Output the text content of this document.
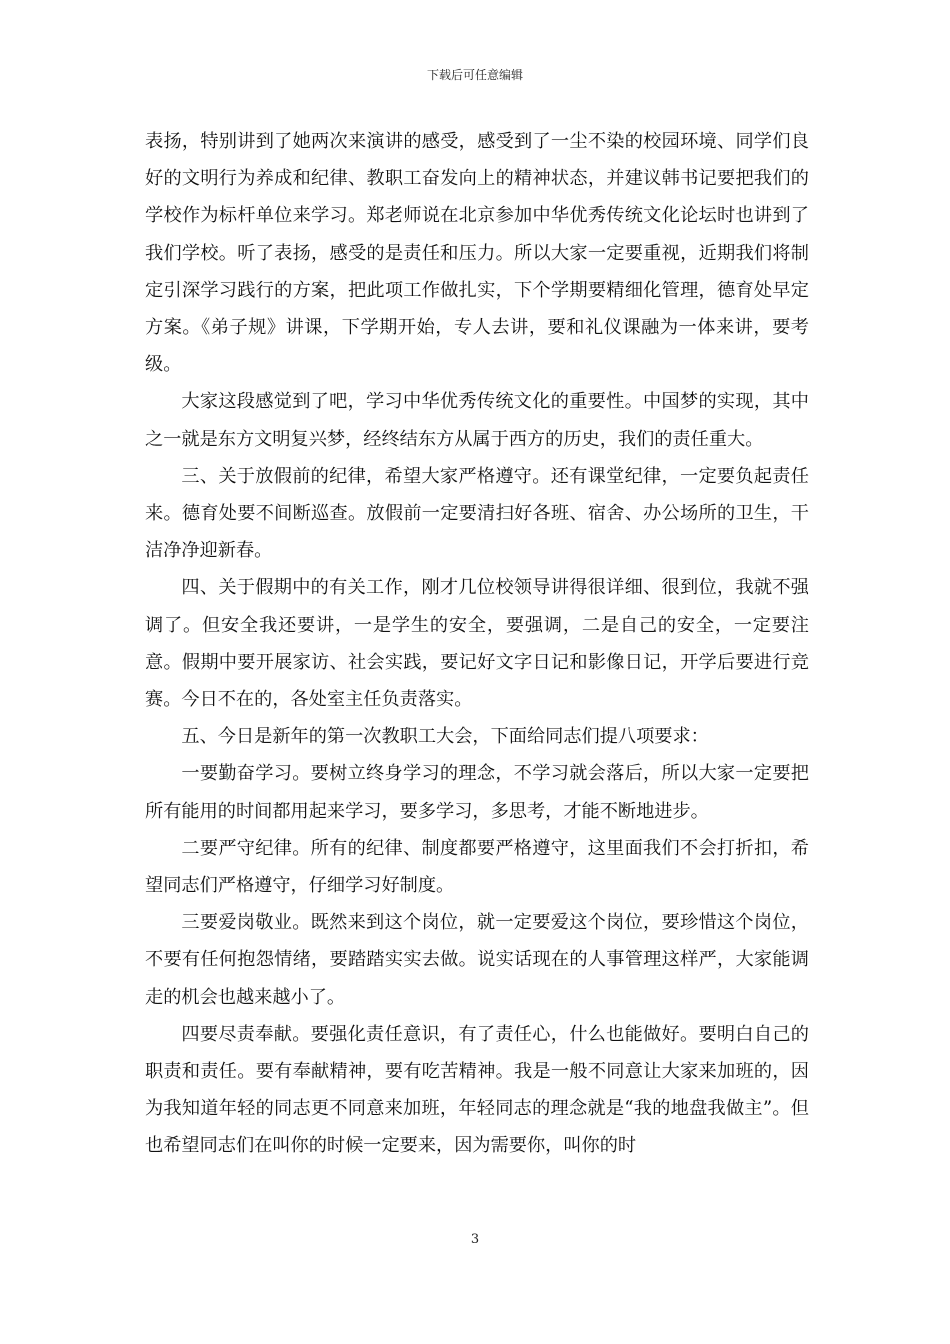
下载后可任意编辑

表扬，特别讲到了她两次来演讲的感受，感受到了一尘不染的校园环境、同学们良好的文明行为养成和纪律、教职工奋发向上的精神状态，并建议韩书记要把我们的学校作为标杆单位来学习。郑老师说在北京参加中华优秀传统文化论坛时也讲到了我们学校。听了表扬，感受的是责任和压力。所以大家一定要重视，近期我们将制定引深学习践行的方案，把此项工作做扎实，下个学期要精细化管理，德育处早定方案。《弟子规》讲课，下学期开始，专人去讲，要和礼仪课融为一体来讲，要考级。

大家这段感觉到了吧，学习中华优秀传统文化的重要性。中国梦的实现，其中之一就是东方文明复兴梦，经终结东方从属于西方的历史，我们的责任重大。

三、关于放假前的纪律，希望大家严格遵守。还有课堂纪律，一定要负起责任来。德育处要不间断巡查。放假前一定要清扫好各班、宿舍、办公场所的卫生，干洁净净迎新春。

四、关于假期中的有关工作，刚才几位校领导讲得很详细、很到位，我就不强调了。但安全我还要讲，一是学生的安全，要强调，二是自己的安全，一定要注意。假期中要开展家访、社会实践，要记好文字日记和影像日记，开学后要进行竞赛。今日不在的，各处室主任负责落实。

五、今日是新年的第一次教职工大会，下面给同志们提八项要求：

一要勤奋学习。要树立终身学习的理念，不学习就会落后，所以大家一定要把所有能用的时间都用起来学习，要多学习，多思考，才能不断地进步。

二要严守纪律。所有的纪律、制度都要严格遵守，这里面我们不会打折扣，希望同志们严格遵守，仔细学习好制度。

三要爱岗敬业。既然来到这个岗位，就一定要爱这个岗位，要珍惜这个岗位，不要有任何抱怨情绪，要踏踏实实去做。说实话现在的人事管理这样严，大家能调走的机会也越来越小了。

四要尽责奉献。要强化责任意识，有了责任心，什么也能做好。要明白自己的职责和责任。要有奉献精神，要有吃苦精神。我是一般不同意让大家来加班的，因为我知道年轻的同志更不同意来加班，年轻同志的理念就是“我的地盘我做主”。但也希望同志们在叫你的时候一定要来，因为需要你，叫你的时

3
